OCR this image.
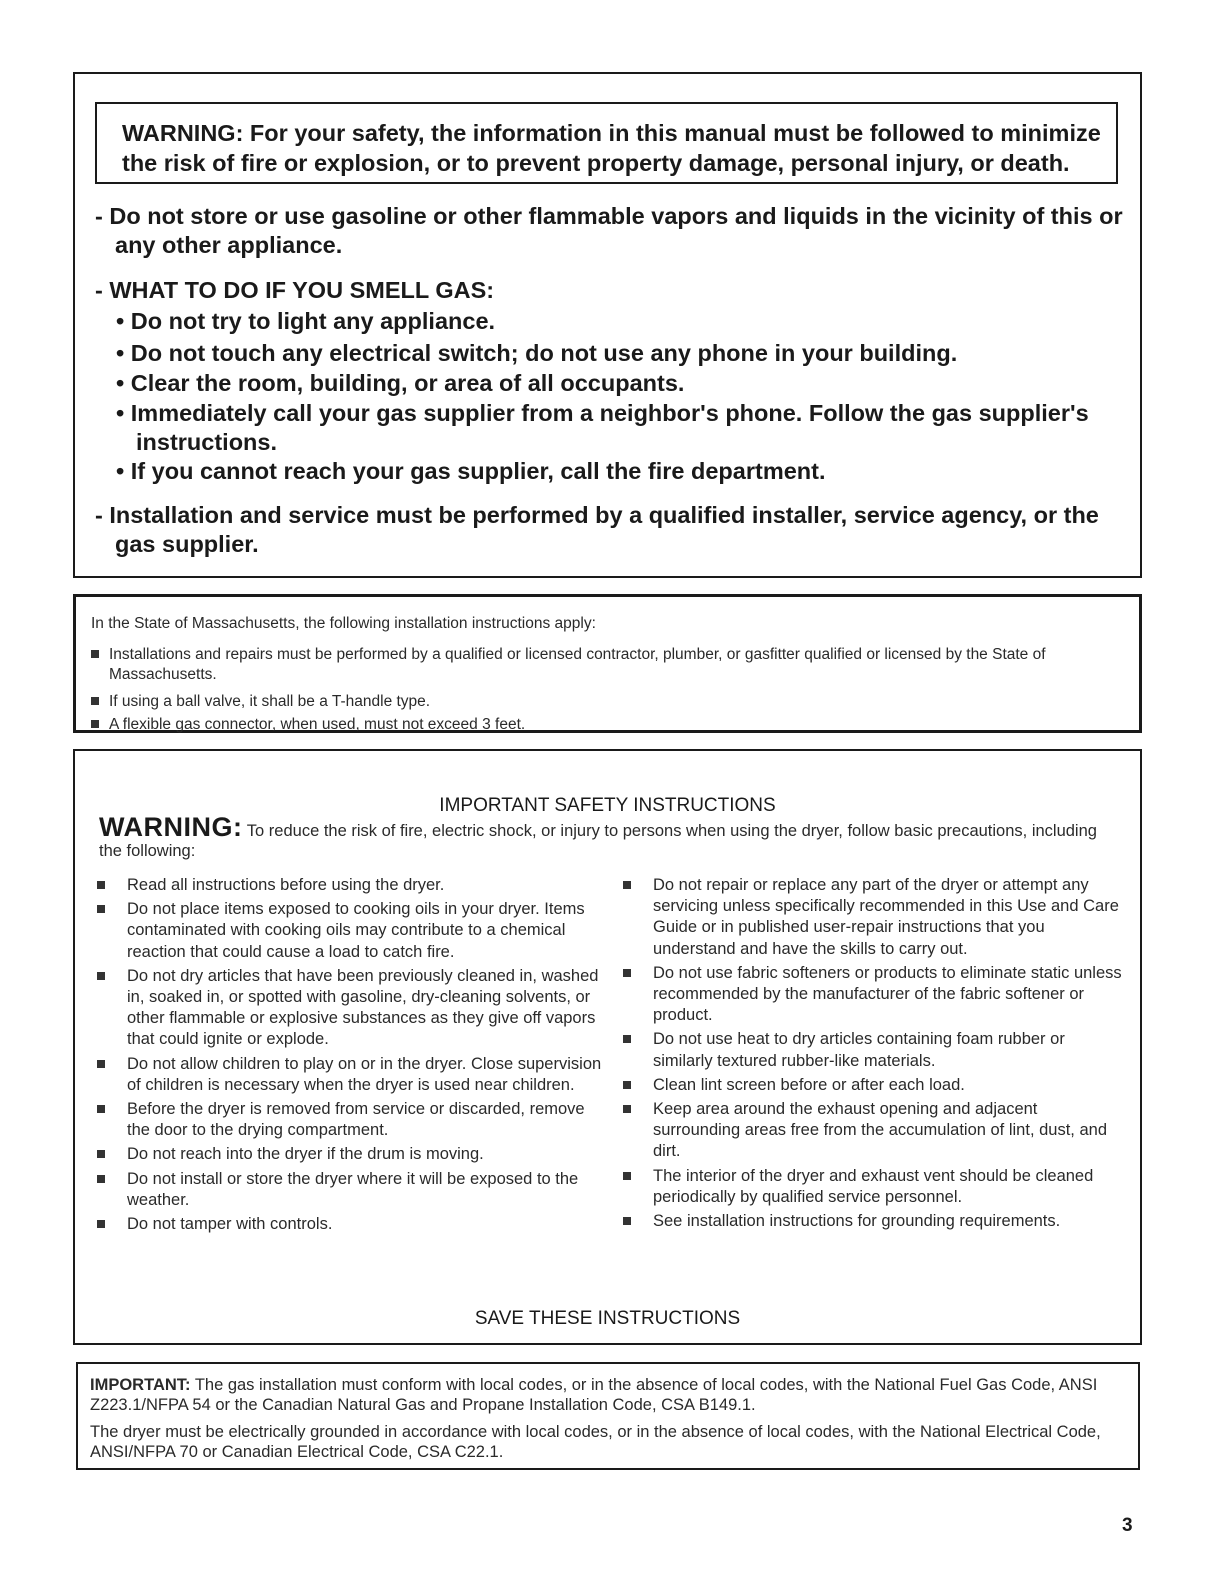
WARNING: For your safety, the information in this manual must be followed to minimize the risk of fire or explosion, or to prevent property damage, personal injury, or death.
- Do not store or use gasoline or other flammable vapors and liquids in the vicinity of this or any other appliance.
- WHAT TO DO IF YOU SMELL GAS:
• Do not try to light any appliance.
• Do not touch any electrical switch; do not use any phone in your building.
• Clear the room, building, or area of all occupants.
• Immediately call your gas supplier from a neighbor's phone. Follow the gas supplier's instructions.
• If you cannot reach your gas supplier, call the fire department.
- Installation and service must be performed by a qualified installer, service agency, or the gas supplier.
In the State of Massachusetts, the following installation instructions apply:
Installations and repairs must be performed by a qualified or licensed contractor, plumber, or gasfitter qualified or licensed by the State of Massachusetts.
If using a ball valve, it shall be a T-handle type.
A flexible gas connector, when used, must not exceed 3 feet.
IMPORTANT SAFETY INSTRUCTIONS
WARNING: To reduce the risk of fire, electric shock, or injury to persons when using the dryer, follow basic precautions, including the following:
Read all instructions before using the dryer.
Do not place items exposed to cooking oils in your dryer. Items contaminated with cooking oils may contribute to a chemical reaction that could cause a load to catch fire.
Do not dry articles that have been previously cleaned in, washed in, soaked in, or spotted with gasoline, dry-cleaning solvents, or other flammable or explosive substances as they give off vapors that could ignite or explode.
Do not allow children to play on or in the dryer. Close supervision of children is necessary when the dryer is used near children.
Before the dryer is removed from service or discarded, remove the door to the drying compartment.
Do not reach into the dryer if the drum is moving.
Do not install or store the dryer where it will be exposed to the weather.
Do not tamper with controls.
Do not repair or replace any part of the dryer or attempt any servicing unless specifically recommended in this Use and Care Guide or in published user-repair instructions that you understand and have the skills to carry out.
Do not use fabric softeners or products to eliminate static unless recommended by the manufacturer of the fabric softener or product.
Do not use heat to dry articles containing foam rubber or similarly textured rubber-like materials.
Clean lint screen before or after each load.
Keep area around the exhaust opening and adjacent surrounding areas free from the accumulation of lint, dust, and dirt.
The interior of the dryer and exhaust vent should be cleaned periodically by qualified service personnel.
See installation instructions for grounding requirements.
SAVE THESE INSTRUCTIONS
IMPORTANT: The gas installation must conform with local codes, or in the absence of local codes, with the National Fuel Gas Code, ANSI Z223.1/NFPA 54 or the Canadian Natural Gas and Propane Installation Code, CSA B149.1.
The dryer must be electrically grounded in accordance with local codes, or in the absence of local codes, with the National Electrical Code, ANSI/NFPA 70 or Canadian Electrical Code, CSA C22.1.
3
